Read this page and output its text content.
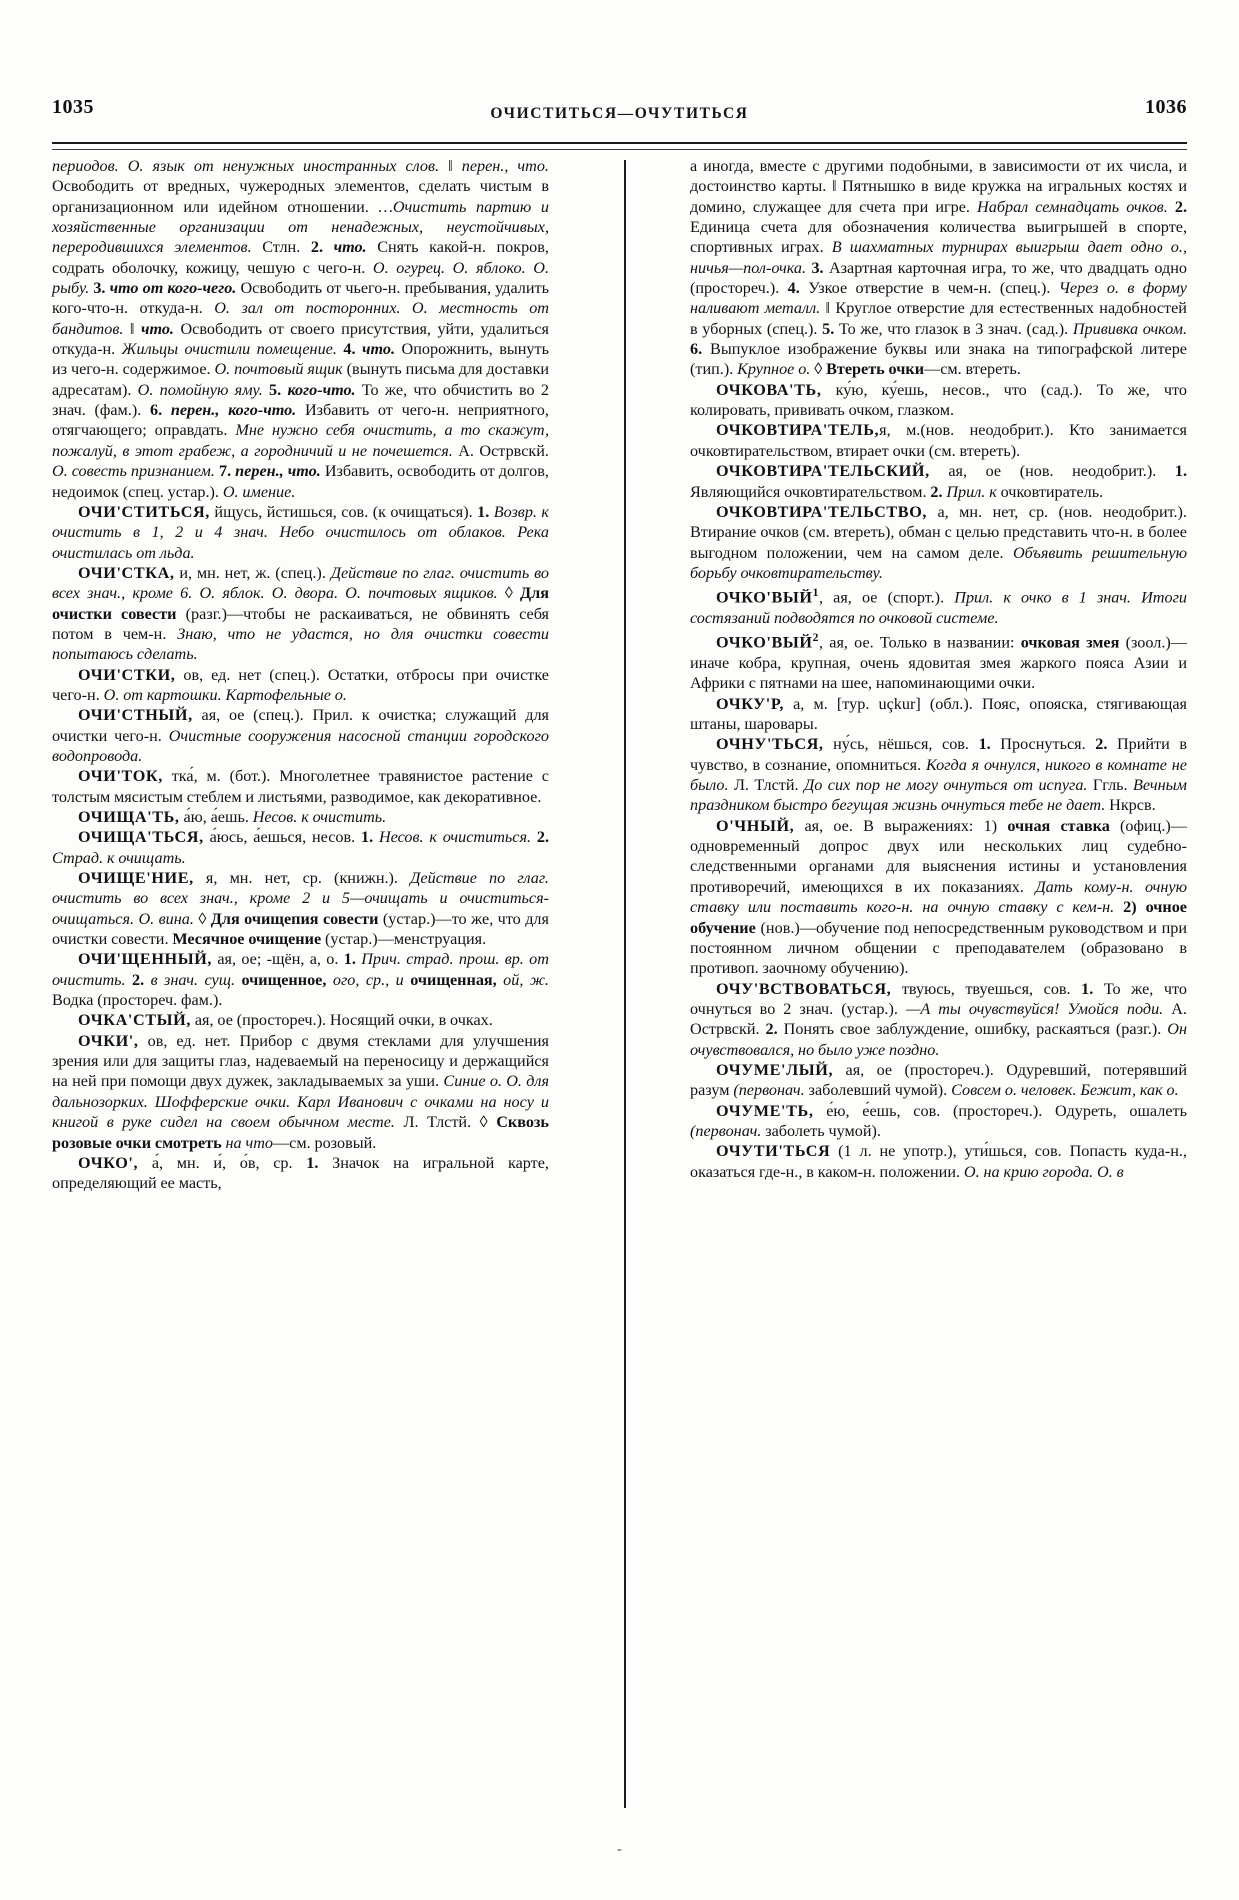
1035	ОЧИСТИТЬСЯ—ОЧУТИТЬСЯ	1036

периодов. О. язык от ненужных иностранных слов. ‖ перен., что. Освободить от вредных, чужеродных элементов, сделать чистым в организационном или идейном отношении. …Очистить партию и хозяйственные организации от ненадежных, неустойчивых, переродившихся элементов. Стлн. 2. что. Снять какой-н. покров, содрать оболочку, кожицу, чешую с чего-н. О. огурец. О. яблоко. О. рыбу. 3. что от кого-чего. Освободить от чьего-н. пребывания, удалить кого-что-н. откуда-н. О. зал от посторонних. О. местность от бандитов. ‖ что. Освободить от своего присутствия, уйти, удалиться откуда-н. Жильцы очистили помещение. 4. что. Опорожнить, вынуть из чего-н. содержимое. О. почтовый ящик (вынуть письма для доставки адресатам). О. помойную яму. 5. кого-что. То же, что обчистить во 2 знач. (фам.). 6. перен., кого-что. Избавить от чего-н. неприятного, отягчающего; оправдать. Мне нужно себя очистить, а то скажут, пожалуй, в этот грабеж, а городничий и не почешется. А. Острвскй. О. совесть признанием. 7. перен., что. Избавить, освободить от долгов, недоимок (спец. устар.). О. имение.

ОЧИ'СТИТЬСЯ, йщусь, йстишься, сов. (к очищаться). 1. Возвр. к очистить в 1, 2 и 4 знач. Небо очистилось от облаков. Река очистилась от льда.

ОЧИ'СТКА, и, мн. нет, ж. (спец.). Действие по глаг. очистить во всех знач., кроме 6. О. яблок. О. двора. О. почтовых ящиков. ◊ Для очистки совести (разг.)—чтобы не раскаиваться, не обвинять себя потом в чем-н. Знаю, что не удастся, но для очистки совести попытаюсь сделать.

ОЧИ'СТКИ, ов, ед. нет (спец.). Остатки, отбросы при очистке чего-н. О. от картошки. Картофельные о.

ОЧИ'СТНЫЙ, ая, ое (спец.). Прил. к очистка; служащий для очистки чего-н. Очистные сооружения насосной станции городского водопровода.

ОЧИ'ТОК, тка́, м. (бот.). Многолетнее травянистое растение с толстым мясистым стеблем и листьями, разводимое, как декоративное.

ОЧИЩА'ТЬ, а́ю, а́ешь. Несов. к очистить.

ОЧИЩА'ТЬСЯ, а́юсь, а́ешься, несов. 1. Несов. к очиститься. 2. Страд. к очищать.

ОЧИЩЕ'НИЕ, я, мн. нет, ср. (книжн.). Действие по глаг. очистить во всех знач., кроме 2 и 5—очищать и очиститься-очищаться. О. вина. ◊ Для очищепия совести (устар.)—то же, что для очистки совести. Месячное очищение (устар.)—менструация.

ОЧИ'ЩЕННЫЙ, ая, ое; -щён, а, о. 1. Прич. страд. прош. вр. от очистить. 2. в знач. сущ. очищенное, ого, ср., и очищенная, ой, ж. Водка (простореч. фам.).

ОЧКА'СТЫЙ, ая, ое (простореч.). Носящий очки, в очках.

ОЧКИ', ов, ед. нет. Прибор с двумя стеклами для улучшения зрения или для защиты глаз, надеваемый на переносицу и держащийся на ней при помощи двух дужек, закладываемых за уши. Синие о. О. для дальнозорких. Шофферские очки. Карл Иванович с очками на носу и книгой в руке сидел на своем обычном месте. Л. Тлстй. ◊ Сквозь розовые очки смотреть на что—см. розовый.

ОЧКО', а́, мн. и́, о́в, ср. 1. Значок на игральной карте, определяющий ее масть,

а иногда, вместе с другими подобными, в зависимости от их числа, и достоинство карты. ‖ Пятнышко в виде кружка на игральных костях и домино, служащее для счета при игре. Набрал семнадцать очков. 2. Единица счета для обозначения количества выигрышей в спорте, спортивных играх. В шахматных турнирах выигрыш дает одно о., ничья—пол-очка. 3. Азартная карточная игра, то же, что двадцать одно (простореч.). 4. Узкое отверстие в чем-н. (спец.). Через о. в форму наливают металл. ‖ Круглое отверстие для естественных надобностей в уборных (спец.). 5. То же, что глазок в 3 знач. (сад.). Прививка очком. 6. Выпуклое изображение буквы или знака на типографской литере (тип.). Крупное о. ◊ Втереть очки—см. втереть.

ОЧКОВА'ТЬ, ку́ю, ку́ешь, несов., что (сад.). То же, что колировать, прививать очком, глазком.

ОЧКОВТИРА'ТЕЛЬ,я, м.(нов. неодобрит.). Кто занимается очковтирательством, втирает очки (см. втереть).

ОЧКОВТИРА'ТЕЛЬСКИЙ, ая, ое (нов. неодобрит.). 1. Являющийся очковтирательством. 2. Прил. к очковтиратель.

ОЧКОВТИРА'ТЕЛЬСТВО, а, мн. нет, ср. (нов. неодобрит.). Втирание очков (см. втереть), обман с целью представить что-н. в более выгодном положении, чем на самом деле. Объявить решительную борьбу очковтирательству.

ОЧКО'ВЫЙ$^1$, ая, ое (спорт.). Прил. к очко в 1 знач. Итоги состязаний подводятся по очковой системе.

ОЧКО'ВЫЙ$^2$, ая, ое. Только в названии: очковая змея (зоол.)—иначе кобра, крупная, очень ядовитая змея жаркого пояса Азии и Африки с пятнами на шее, напоминающими очки.

ОЧКУ'Р, а, м. [тур. uçkur] (обл.). Пояс, опояска, стягивающая штаны, шаровары.

ОЧНУ'ТЬСЯ, ну́сь, нёшься, сов. 1. Проснуться. 2. Прийти в чувство, в сознание, опомниться. Когда я очнулся, никого в комнате не было. Л. Тлстй. До сих пор не могу очнуться от испуга. Ггль. Вечным праздником быстро бегущая жизнь очнуться тебе не дает. Нкрсв.

О'ЧНЫЙ, ая, ое. В выражениях: 1) очная ставка (офиц.)—одновременный допрос двух или нескольких лиц судебно-следственными органами для выяснения истины и установления противоречий, имеющихся в их показаниях. Дать кому-н. очную ставку или поставить кого-н. на очную ставку с кем-н. 2) очное обучение (нов.)—обучение под непосредственным руководством и при постоянном личном общении с преподавателем (образовано в противоп. заочному обучению).

ОЧУ'ВСТВОВАТЬСЯ, твуюсь, твуешься, сов. 1. То же, что очнуться во 2 знач. (устар.). —А ты очувствуйся! Умойся поди. А. Острвскй. 2. Понять свое заблуждение, ошибку, раскаяться (разг.). Он очувствовался, но было уже поздно.

ОЧУМЕ'ЛЫЙ, ая, ое (простореч.). Одуревший, потерявший разум (первонач. заболевший чумой). Совсем о. человек. Бежит, как о.

ОЧУМЕ'ТЬ, е́ю, е́ешь, сов. (простореч.). Одуреть, ошалеть (первонач. заболеть чумой).

ОЧУТИ'ТЬСЯ (1 л. не употр.), ути́шься, сов. Попасть куда-н., оказаться где-н., в каком-н. положении. О. на крию города. О. в

-
